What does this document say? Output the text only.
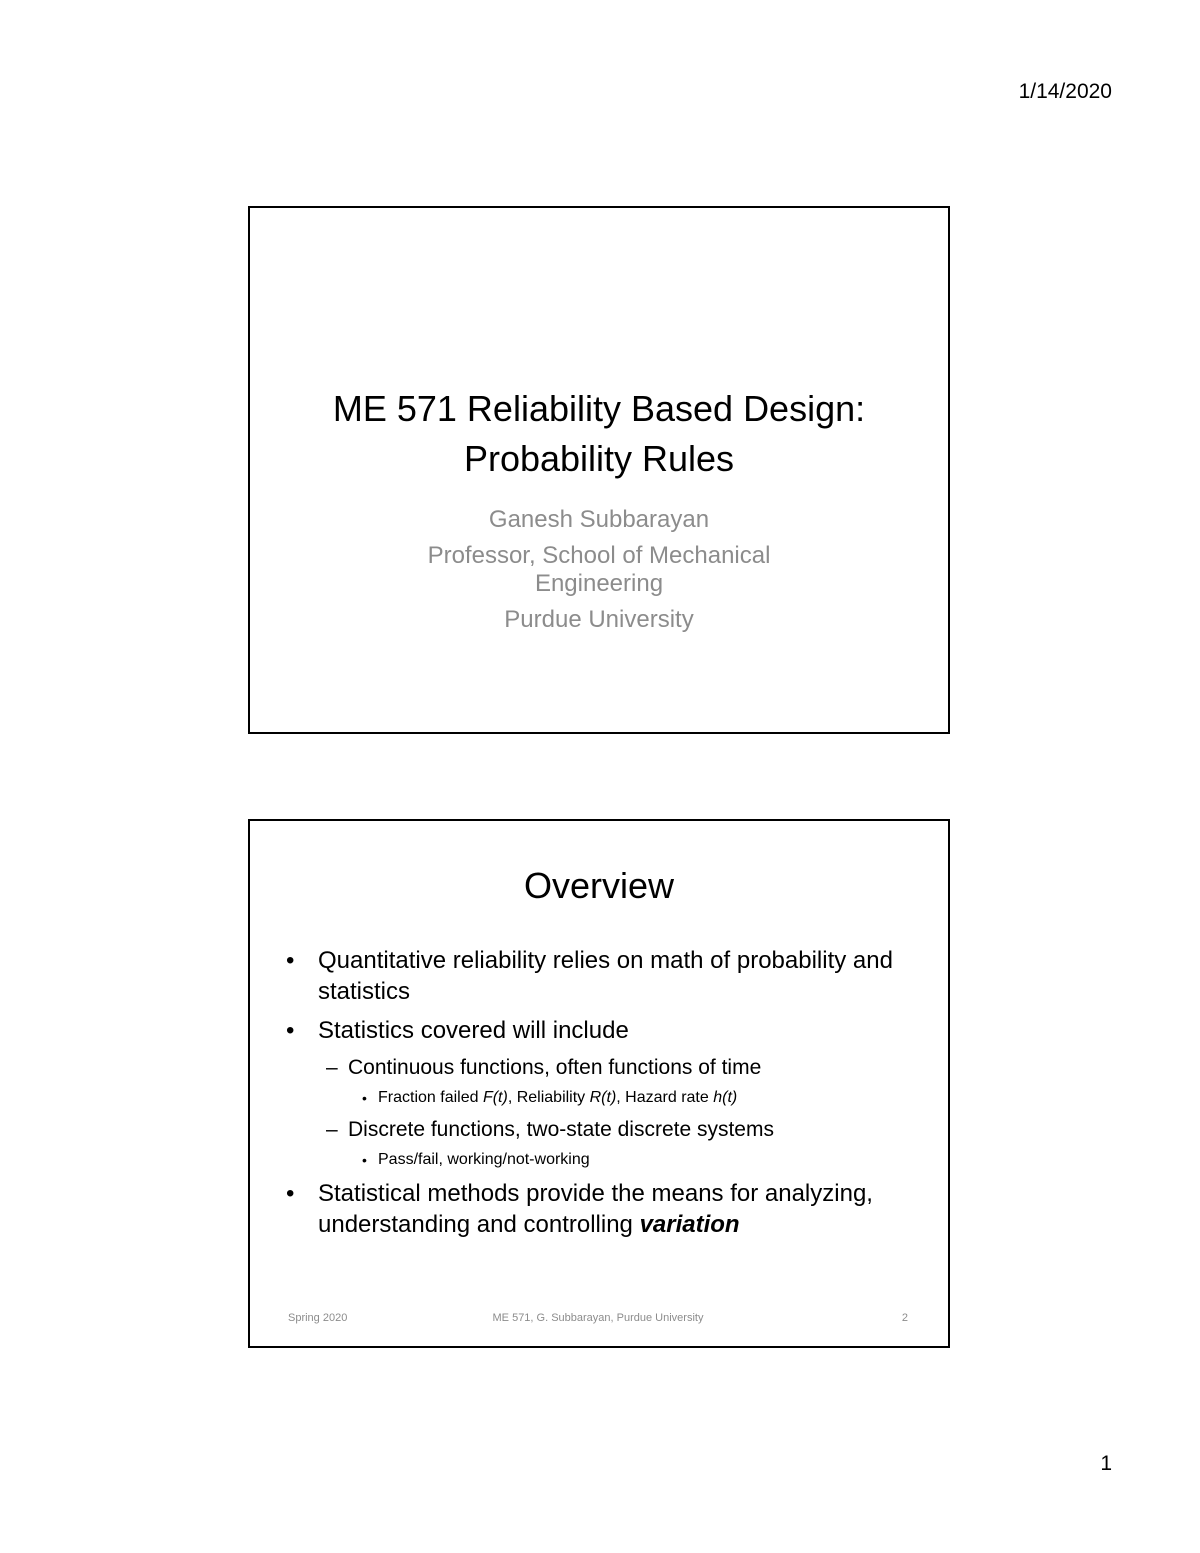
1/14/2020
ME 571 Reliability Based Design:
Probability Rules
Ganesh Subbarayan
Professor, School of Mechanical
Engineering
Purdue University
Overview
• Quantitative reliability relies on math of probability and statistics
• Statistics covered will include
– Continuous functions, often functions of time
• Fraction failed F(t), Reliability R(t), Hazard rate h(t)
– Discrete functions, two-state discrete systems
• Pass/fail, working/not-working
• Statistical methods provide the means for analyzing, understanding and controlling variation
Spring 2020	ME 571, G. Subbarayan, Purdue University	2
1
